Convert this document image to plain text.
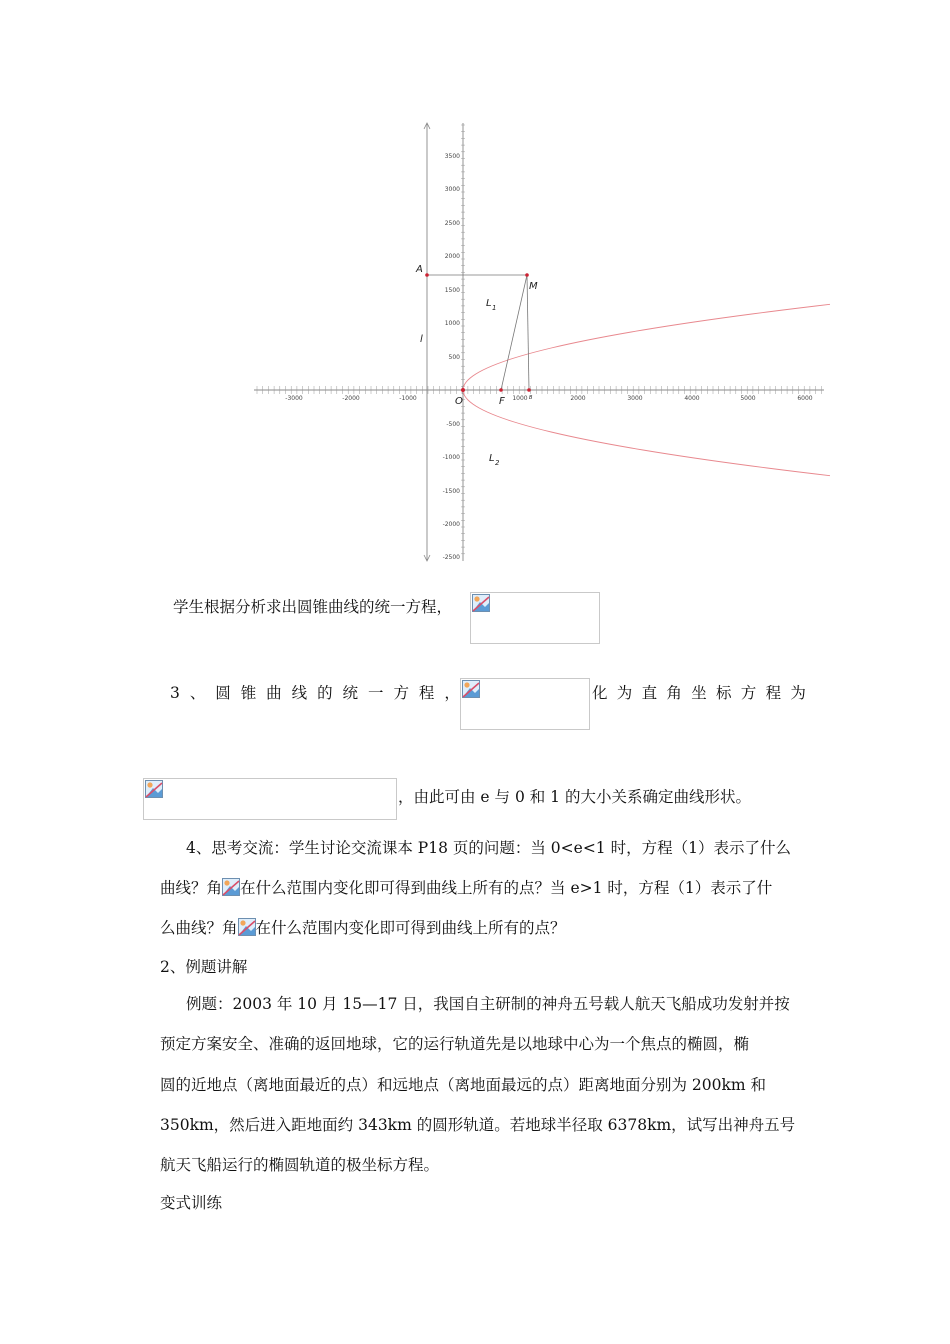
-3000	-2000	-1000	1000	2000	3000	4000	5000	6000
3500
3000
2500
2000
1500
1000
500
-500
-1000
-1500
-2000
-2500
A
M
O	F	B
l
L 1
L 2
学生根据分析求出圆锥曲线的统一方程，
3 、 圆 锥 曲 线 的 统 一 方 程 ，	化 为 直 角 坐 标 方 程 为
，由此可由 e 与 0 和 1 的大小关系确定曲线形状。
4、思考交流：学生讨论交流课本 P18 页的问题：当 0<e<1 时，方程（1）表示了什么
曲线？角 在什么范围内变化即可得到曲线上所有的点？当 e>1 时，方程（1）表示了什
么曲线？角 在什么范围内变化即可得到曲线上所有的点？
2、例题讲解
例题：2003 年 10 月 15—17 日，我国自主研制的神舟五号载人航天飞船成功发射并按
预定方案安全、准确的返回地球，它的运行轨道先是以地球中心为一个焦点的椭圆，椭
圆的近地点（离地面最近的点）和远地点（离地面最远的点）距离地面分别为 200km 和
350km，然后进入距地面约 343km 的圆形轨道。若地球半径取 6378km，试写出神舟五号
航天飞船运行的椭圆轨道的极坐标方程。
变式训练
